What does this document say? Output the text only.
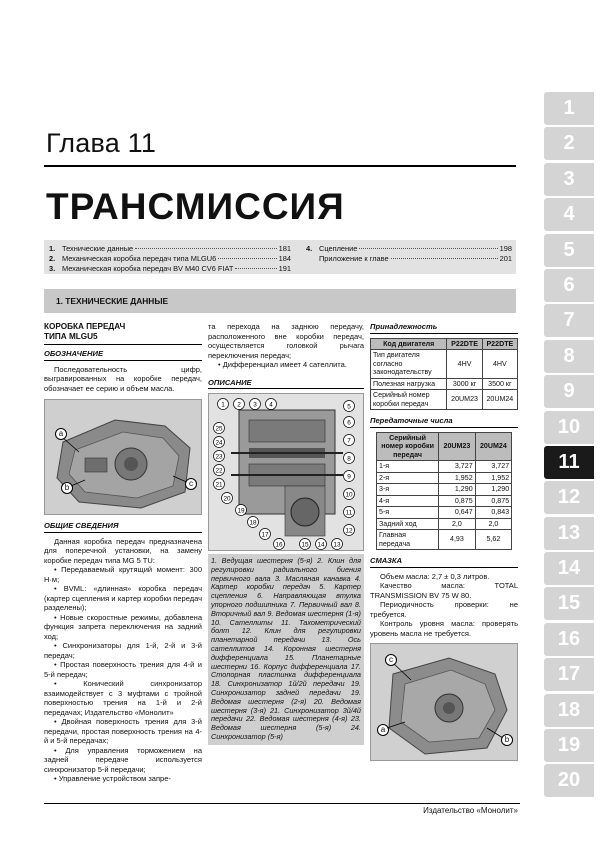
Глава 11
ТРАНСМИССИЯ
1. Технические данные	181
2. Механическая коробка передач типа MLGU6	184
3. Механическая коробка передач BV M40 CV6 FIAT	191
4. Сцепление	198
Приложение к главе	201
1. ТЕХНИЧЕСКИЕ ДАННЫЕ
КОРОБКА ПЕРЕДАЧ
ТИПА MLGU5
ОБОЗНАЧЕНИЕ
Последовательность цифр, выгравированных на коробке передач, обозначает ее серию и объем масла.
a
b	c
ОБЩИЕ СВЕДЕНИЯ
Данная коробка передач предназначена для поперечной установки, на замену коробке передач типа MG 5 TU:
• Передаваемый крутящий момент: 300 Н·м;
• BVML: «длинная» коробка передач (картер сцепления и картер коробки передач разделены);
• Новые скоростные режимы, добавлена функция запрета переключения на задний ход;
• Синхронизаторы для 1-й, 2-й и 3-й передач;
• Простая поверхность трения для 4-й и 5-й передач;
• Конический синхронизатор взаимодействует с 3 муфтами с тройной поверхностью трения на 1-й и 2-й передачах; Издательство «Монолит»
• Двойная поверхность трения для 3-й передачи, простая поверхность трения на 4-й и 5-й передачах;
• Для управления торможением на задней передаче используется синхронизатор 5-й передачи;
• Управление устройством запре-
та перехода на заднюю передачу, расположенного вне коробки передач, осуществляется головкой рычага переключения передач;
• Дифференциал имеет 4 сателлита.
ОПИСАНИЕ
1 2 3 4	5
6
7
8
9
10
11
12
13
14
15
16
17
18
19
20
21
22
23
24
25
1. Ведущая шестерня (5-я) 2. Клин для регулировки радиального биения первичного вала 3. Масляная канавка 4. Картер коробки передач 5. Картер сцепления 6. Направляющая втулка упорного подшипника 7. Первичный вал 8. Вторичный вал 9. Ведомая шестерня (1-я) 10. Сателлиты 11. Тахометрический болт 12. Клин для регулировки планетарной передачи 13. Ось сателлитов 14. Коронная шестерня дифференциала 15. Планетарные шестерни 16. Корпус дифференциала 17. Стопорная пластинка дифференциала 18. Синхронизатор 1й/2й передачи 19. Синхронизатор задней передачи 19. Ведомая шестерня (2-я) 20. Ведомая шестерня (3-я) 21. Синхронизатор 3й/4й передачи 22. Ведомая шестерня (4-я) 23. Ведомая шестерня (5-я) 24. Синхронизатор (5-я)
Принадлежность
Код двигателя	P22DTE	P22DTE
Тип двигателя согласно законодательству	4HV	4HV
Полезная нагрузка	3000 кг	3500 кг
Серийный номер коробки передач	20UM23	20UM24
Передаточные числа
Серийный номер коробки передач	20UM23	20UM24
1-я	3,727	3,727
2-я	1,952	1,952
3-я	1,290	1,290
4-я	0,875	0,875
5-я	0,647	0,843
Задний ход	2,0	2,0
Главная передача	4,93	5,62
СМАЗКА
Объем масла: 2,7 ± 0,3 литров.
Качество масла: TOTAL TRANSMISSION BV 75 W 80.
Периодичность проверки: не требуется.
Контроль уровня масла: проверять уровень масла не требуется.
c
a
b
1
2
3
4
5
6
7
8
9
10
11
12
13
14
15
16
17
18
19
20
Издательство «Монолит»
